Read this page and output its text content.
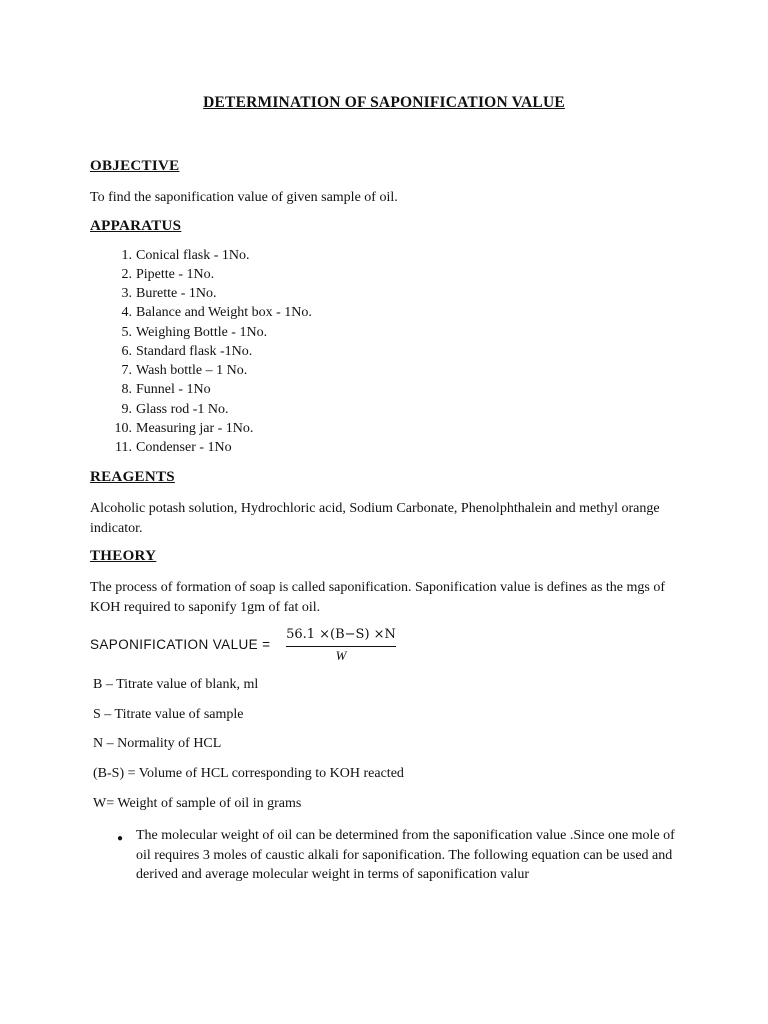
DETERMINATION OF SAPONIFICATION VALUE
OBJECTIVE
To find the saponification value of given sample of oil.
APPARATUS
1. Conical flask - 1No.
2. Pipette - 1No.
3. Burette - 1No.
4. Balance and Weight box - 1No.
5. Weighing Bottle - 1No.
6. Standard flask -1No.
7. Wash bottle – 1 No.
8. Funnel - 1No
9. Glass rod -1 No.
10. Measuring jar - 1No.
11. Condenser - 1No
REAGENTS
Alcoholic potash solution, Hydrochloric acid, Sodium Carbonate, Phenolphthalein and methyl orange indicator.
THEORY
The process of formation of soap is called saponification. Saponification value is defines as the mgs of KOH required to saponify 1gm of fat oil.
SAPONIFICATION VALUE =
56.1 ×(B−S) ×N
W
B – Titrate value of blank, ml
S – Titrate value of sample
N – Normality of HCL
(B-S) = Volume of HCL corresponding to KOH reacted
W= Weight of sample of oil in grams
● The molecular weight of oil can be determined from the saponification value .Since one mole of oil requires 3 moles of caustic alkali for saponification. The following equation can be used and derived and average molecular weight in terms of saponification valur
